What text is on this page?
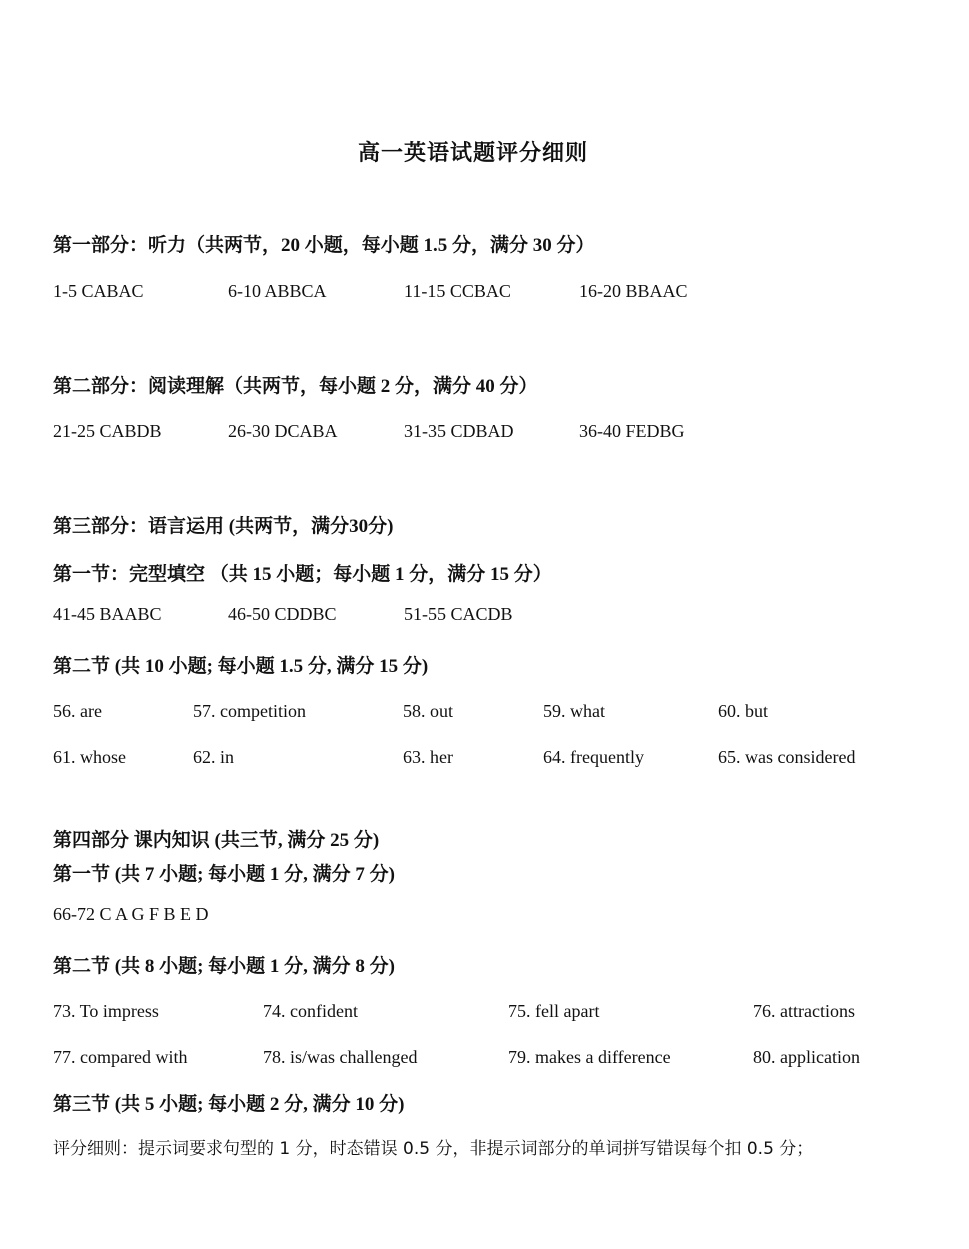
高一英语试题评分细则
第一部分：听力（共两节，20 小题，每小题 1.5 分，满分 30 分）
1-5 CABAC	6-10 ABBCA	11-15 CCBAC	16-20 BBAAC
第二部分：阅读理解（共两节，每小题 2 分，满分 40 分）
21-25 CABDB	26-30 DCABA	31-35 CDBAD	36-40 FEDBG
第三部分：语言运用 (共两节，满分30分)
第一节：完型填空 （共 15 小题；每小题 1 分，满分 15 分）
41-45 BAABC	46-50 CDDBC	51-55 CACDB
第二节 (共 10 小题; 每小题 1.5 分, 满分 15 分)
56. are	57. competition	58. out	59. what	60. but
61. whose	62. in	63. her	64. frequently	65. was considered
第四部分 课内知识 (共三节, 满分 25 分)
第一节 (共 7 小题; 每小题 1 分, 满分 7 分)
66-72 C A G F B E D
第二节 (共 8 小题; 每小题 1 分, 满分 8 分)
73. To impress	74. confident	75. fell apart	76. attractions
77. compared with	78. is/was challenged	79. makes a difference	80. application
第三节 (共 5 小题; 每小题 2 分, 满分 10 分)
评分细则：提示词要求句型的 1 分，时态错误 0.5 分，非提示词部分的单词拼写错误每个扣 0.5 分；
